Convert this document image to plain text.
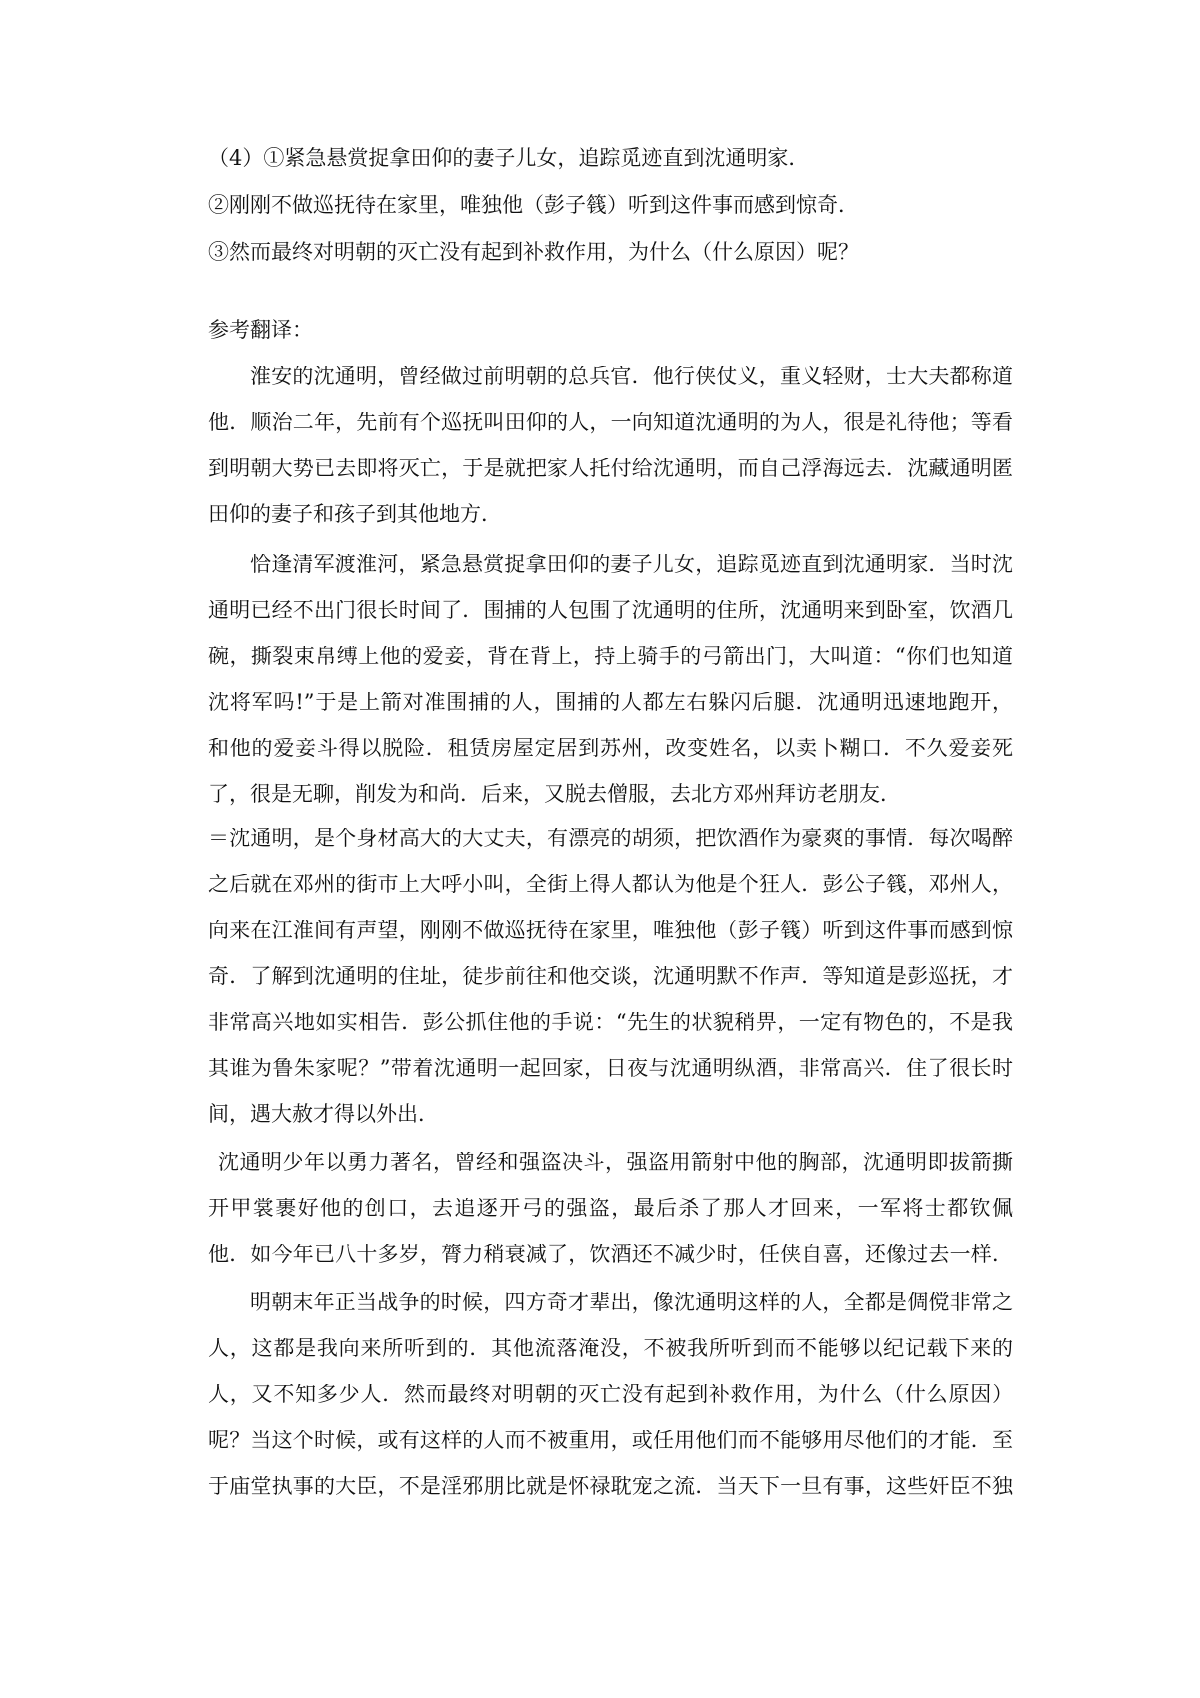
（4）①紧急悬赏捉拿田仰的妻子儿女，追踪觅迹直到沈通明家．
②刚刚不做巡抚待在家里，唯独他（彭子篯）听到这件事而感到惊奇．
③然而最终对明朝的灭亡没有起到补救作用，为什么（什么原因）呢？
参考翻译：
淮安的沈通明，曾经做过前明朝的总兵官．他行侠仗义，重义轻财，士大夫都称道
他．顺治二年，先前有个巡抚叫田仰的人，一向知道沈通明的为人，很是礼待他；等看
到明朝大势已去即将灭亡，于是就把家人托付给沈通明，而自己浮海远去．沈藏通明匿
田仰的妻子和孩子到其他地方．
恰逢清军渡淮河，紧急悬赏捉拿田仰的妻子儿女，追踪觅迹直到沈通明家．当时沈
通明已经不出门很长时间了．围捕的人包围了沈通明的住所，沈通明来到卧室，饮酒几
碗，撕裂束帛缚上他的爱妾，背在背上，持上骑手的弓箭出门，大叫道：“你们也知道
沈将军吗!”于是上箭对准围捕的人，围捕的人都左右躲闪后腿．沈通明迅速地跑开，
和他的爱妾斗得以脱险．租赁房屋定居到苏州，改变姓名，以卖卜糊口．不久爱妾死
了，很是无聊，削发为和尚．后来，又脱去僧服，去北方邓州拜访老朋友．
＝沈通明，是个身材高大的大丈夫，有漂亮的胡须，把饮酒作为豪爽的事情．每次喝醉
之后就在邓州的街市上大呼小叫，全街上得人都认为他是个狂人．彭公子篯，邓州人，
向来在江淮间有声望，刚刚不做巡抚待在家里，唯独他（彭子篯）听到这件事而感到惊
奇．了解到沈通明的住址，徒步前往和他交谈，沈通明默不作声．等知道是彭巡抚，才
非常高兴地如实相告．彭公抓住他的手说：“先生的状貌稍畀，一定有物色的，不是我
其谁为鲁朱家呢？”带着沈通明一起回家，日夜与沈通明纵酒，非常高兴．住了很长时
间，遇大赦才得以外出．
沈通明少年以勇力著名，曾经和强盗决斗，强盗用箭射中他的胸部，沈通明即拔箭撕
开甲裳裹好他的创口，去追逐开弓的强盗，最后杀了那人才回来，一军将士都钦佩
他．如今年已八十多岁，膂力稍衰减了，饮酒还不减少时，任侠自喜，还像过去一样．
明朝末年正当战争的时候，四方奇才辈出，像沈通明这样的人，全都是倜傥非常之
人，这都是我向来所听到的．其他流落淹没，不被我所听到而不能够以纪记载下来的
人，又不知多少人．然而最终对明朝的灭亡没有起到补救作用，为什么（什么原因）
呢？当这个时候，或有这样的人而不被重用，或任用他们而不能够用尽他们的才能．至
于庙堂执事的大臣，不是淫邪朋比就是怀禄耽宠之流．当天下一旦有事，这些奸臣不独
